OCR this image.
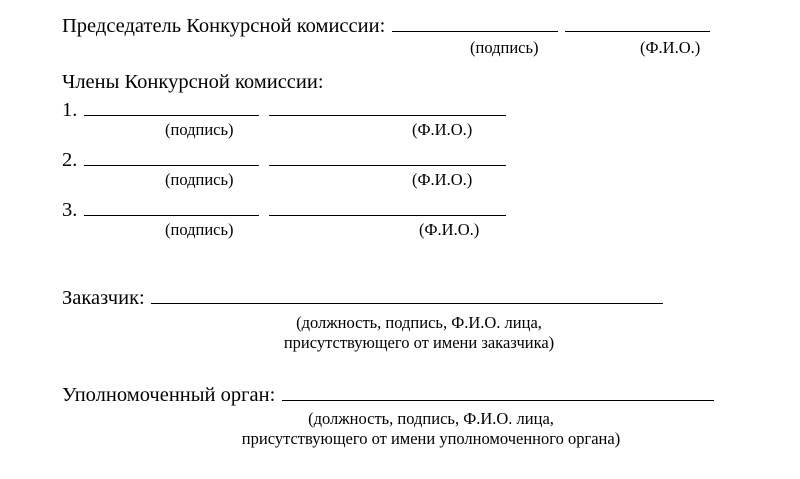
Председатель Конкурсной комиссии:
(подпись)	(Ф.И.О.)
Члены Конкурсной комиссии:
1.
(подпись)	(Ф.И.О.)
2.
(подпись)	(Ф.И.О.)
3.
(подпись)	(Ф.И.О.)
Заказчик:
(должность, подпись, Ф.И.О. лица,
присутствующего от имени заказчика)
Уполномоченный орган:
(должность, подпись, Ф.И.О. лица,
присутствующего от имени уполномоченного органа)
